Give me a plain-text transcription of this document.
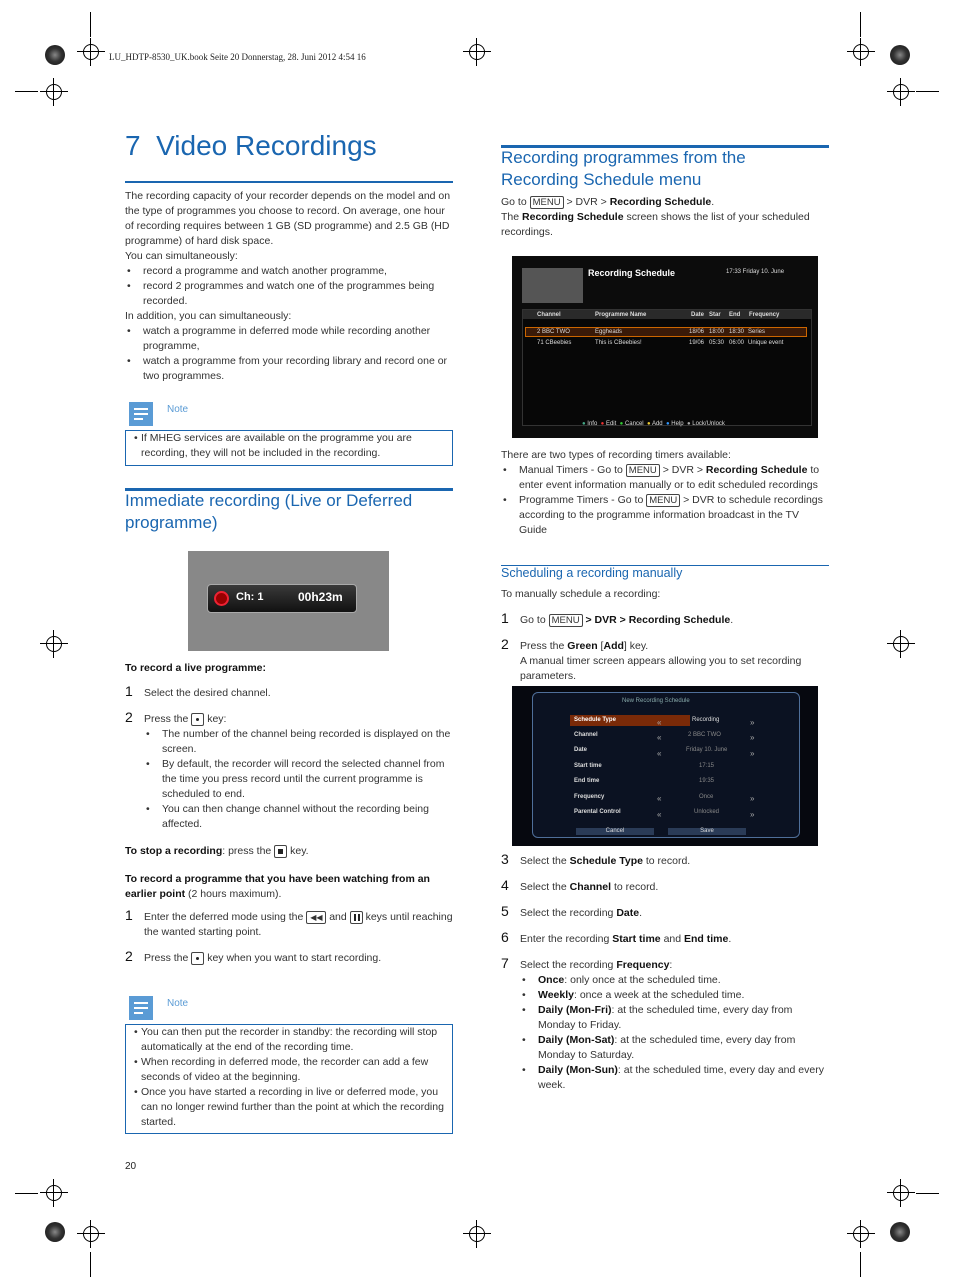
LU_HDTP-8530_UK.book Seite 20 Donnerstag, 28. Juni 2012 4:54 16
7 Video Recordings
The recording capacity of your recorder depends on the model and on the type of programmes you choose to record. On average, one hour of recording requires between 1 GB (SD programme) and 2.5 GB (HD programme) of hard disk space.
You can simultaneously:
• record a programme and watch another programme,
• record 2 programmes and watch one of the programmes being recorded.
In addition, you can simultaneously:
• watch a programme in deferred mode while recording another programme,
• watch a programme from your recording library and record one or two programmes.
Note
• If MHEG services are available on the programme you are recording, they will not be included in the recording.
Immediate recording (Live or Deferred programme)
Ch: 1	00h23m
To record a live programme:
1 Select the desired channel.
2 Press the key:
• The number of the channel being recorded is displayed on the screen.
• By default, the recorder will record the selected channel from the time you press record until the current programme is scheduled to end.
• You can then change channel without the recording being affected.
To stop a recording: press the key.
To record a programme that you have been watching from an earlier point (2 hours maximum).
1 Enter the deferred mode using the ◀◀ and keys until reaching the wanted starting point.
2 Press the key when you want to start recording.
Note
• You can then put the recorder in standby: the recording will stop automatically at the end of the recording time.
• When recording in deferred mode, the recorder can add a few seconds of video at the beginning.
• Once you have started a recording in live or deferred mode, you can no longer rewind further than the point at which the recording started.
20
Recording programmes from the Recording Schedule menu
Go to MENU > DVR > Recording Schedule.
The Recording Schedule screen shows the list of your scheduled recordings.
Recording Schedule	17:33 Friday 10. June
Channel	Programme Name	Date Star End Frequency
2 BBC TWO	Eggheads	18/06 18:00 18:30 Series
71 CBeebies	This is CBeebies!	19/06 05:30 06:00 Unique event
● Info ● Edit ● Cancel ● Add ● Help ● Lock/Unlock
There are two types of recording timers available:
• Manual Timers - Go to MENU > DVR > Recording Schedule to enter event information manually or to edit scheduled recordings
• Programme Timers - Go to MENU > DVR to schedule recordings according to the programme information broadcast in the TV Guide
Scheduling a recording manually
To manually schedule a recording:
1 Go to MENU > DVR > Recording Schedule.
2 Press the Green [Add] key.
A manual timer screen appears allowing you to set recording parameters.
New Recording Schedule
Schedule Type	Recording
Channel	2 BBC TWO
Date	Friday 10. June
Start time	17:15
End time	19:35
Frequency	Once
Parental Control	Unlocked
«
«
«

«
«
»
»
»

»
»
Cancel	Save
3 Select the Schedule Type to record.
4 Select the Channel to record.
5 Select the recording Date.
6 Enter the recording Start time and End time.
7 Select the recording Frequency:
• Once: only once at the scheduled time.
• Weekly: once a week at the scheduled time.
• Daily (Mon-Fri): at the scheduled time, every day from Monday to Friday.
• Daily (Mon-Sat): at the scheduled time, every day from Monday to Saturday.
• Daily (Mon-Sun): at the scheduled time, every day and every week.
